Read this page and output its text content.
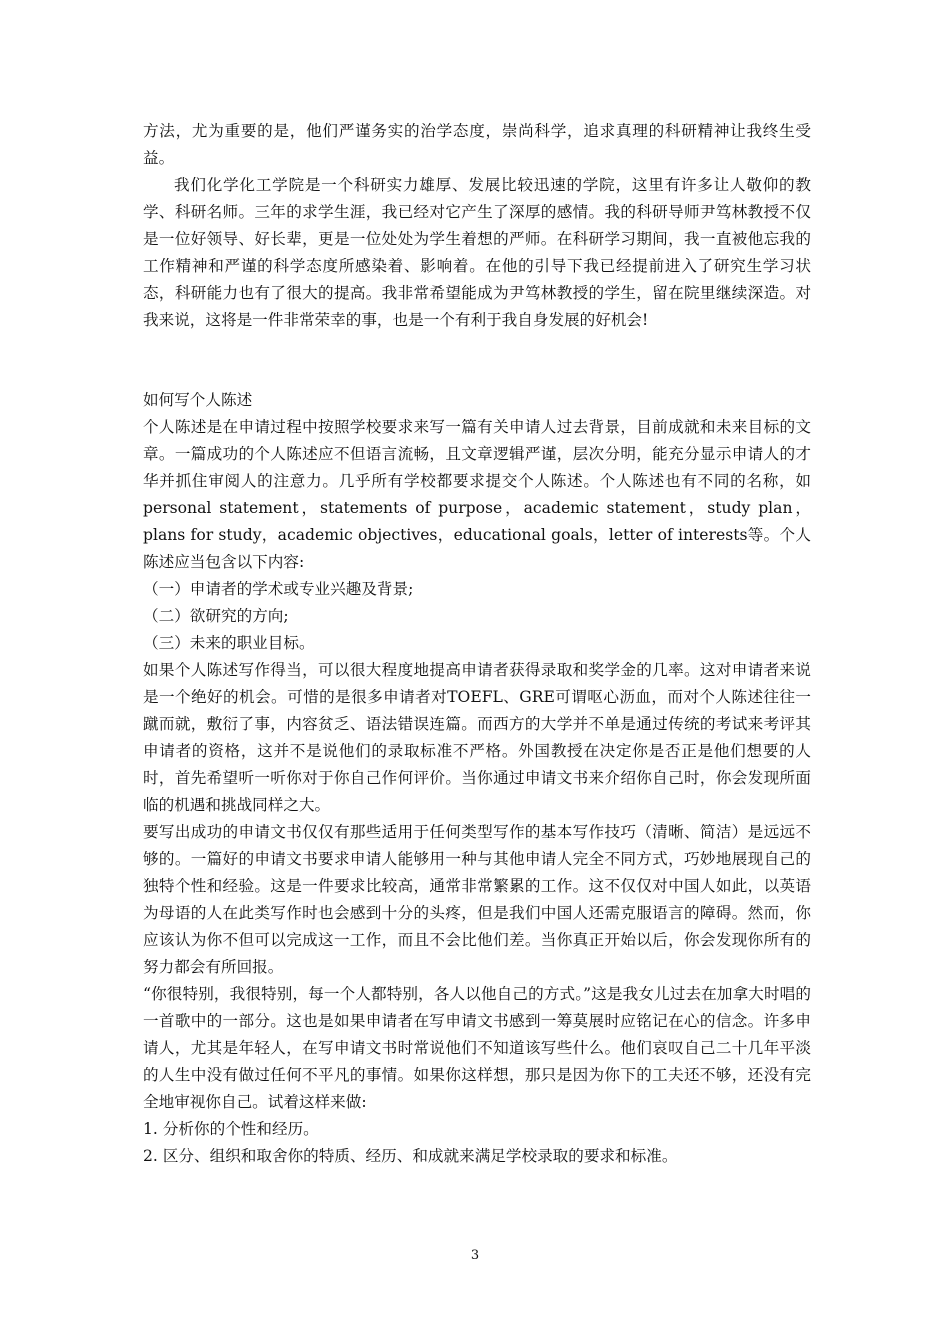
方法，尤为重要的是，他们严谨务实的治学态度，崇尚科学，追求真理的科研精神让我终生受益。

我们化学化工学院是一个科研实力雄厚、发展比较迅速的学院，这里有许多让人敬仰的教学、科研名师。三年的求学生涯，我已经对它产生了深厚的感情。我的科研导师尹笃林教授不仅是一位好领导、好长辈，更是一位处处为学生着想的严师。在科研学习期间，我一直被他忘我的工作精神和严谨的科学态度所感染着、影响着。在他的引导下我已经提前进入了研究生学习状态，科研能力也有了很大的提高。我非常希望能成为尹笃林教授的学生，留在院里继续深造。对我来说，这将是一件非常荣幸的事，也是一个有利于我自身发展的好机会!

如何写个人陈述

个人陈述是在申请过程中按照学校要求来写一篇有关申请人过去背景，目前成就和未来目标的文章。一篇成功的个人陈述应不但语言流畅，且文章逻辑严谨，层次分明，能充分显示申请人的才华并抓住审阅人的注意力。几乎所有学校都要求提交个人陈述。个人陈述也有不同的名称，如personal statement，statements of purpose，academic statement，study plan，plans for study，academic objectives，educational goals，letter of interests等。个人陈述应当包含以下内容:

（一）申请者的学术或专业兴趣及背景;

（二）欲研究的方向;

（三）未来的职业目标。

如果个人陈述写作得当，可以很大程度地提高申请者获得录取和奖学金的几率。这对申请者来说是一个绝好的机会。可惜的是很多申请者对TOEFL、GRE可谓呕心沥血，而对个人陈述往往一蹴而就，敷衍了事，内容贫乏、语法错误连篇。而西方的大学并不单是通过传统的考试来考评其申请者的资格，这并不是说他们的录取标准不严格。外国教授在决定你是否正是他们想要的人时，首先希望听一听你对于你自己作何评价。当你通过申请文书来介绍你自己时，你会发现所面临的机遇和挑战同样之大。

要写出成功的申请文书仅仅有那些适用于任何类型写作的基本写作技巧（清晰、简洁）是远远不够的。一篇好的申请文书要求申请人能够用一种与其他申请人完全不同方式，巧妙地展现自己的独特个性和经验。这是一件要求比较高，通常非常繁累的工作。这不仅仅对中国人如此，以英语为母语的人在此类写作时也会感到十分的头疼，但是我们中国人还需克服语言的障碍。然而，你应该认为你不但可以完成这一工作，而且不会比他们差。当你真正开始以后，你会发现你所有的努力都会有所回报。

“你很特别，我很特别，每一个人都特别，各人以他自己的方式。”这是我女儿过去在加拿大时唱的一首歌中的一部分。这也是如果申请者在写申请文书感到一筹莫展时应铭记在心的信念。许多申请人，尤其是年轻人，在写申请文书时常说他们不知道该写些什么。他们哀叹自己二十几年平淡的人生中没有做过任何不平凡的事情。如果你这样想，那只是因为你下的工夫还不够，还没有完全地审视你自己。试着这样来做:

1. 分析你的个性和经历。

2. 区分、组织和取舍你的特质、经历、和成就来满足学校录取的要求和标准。

3
